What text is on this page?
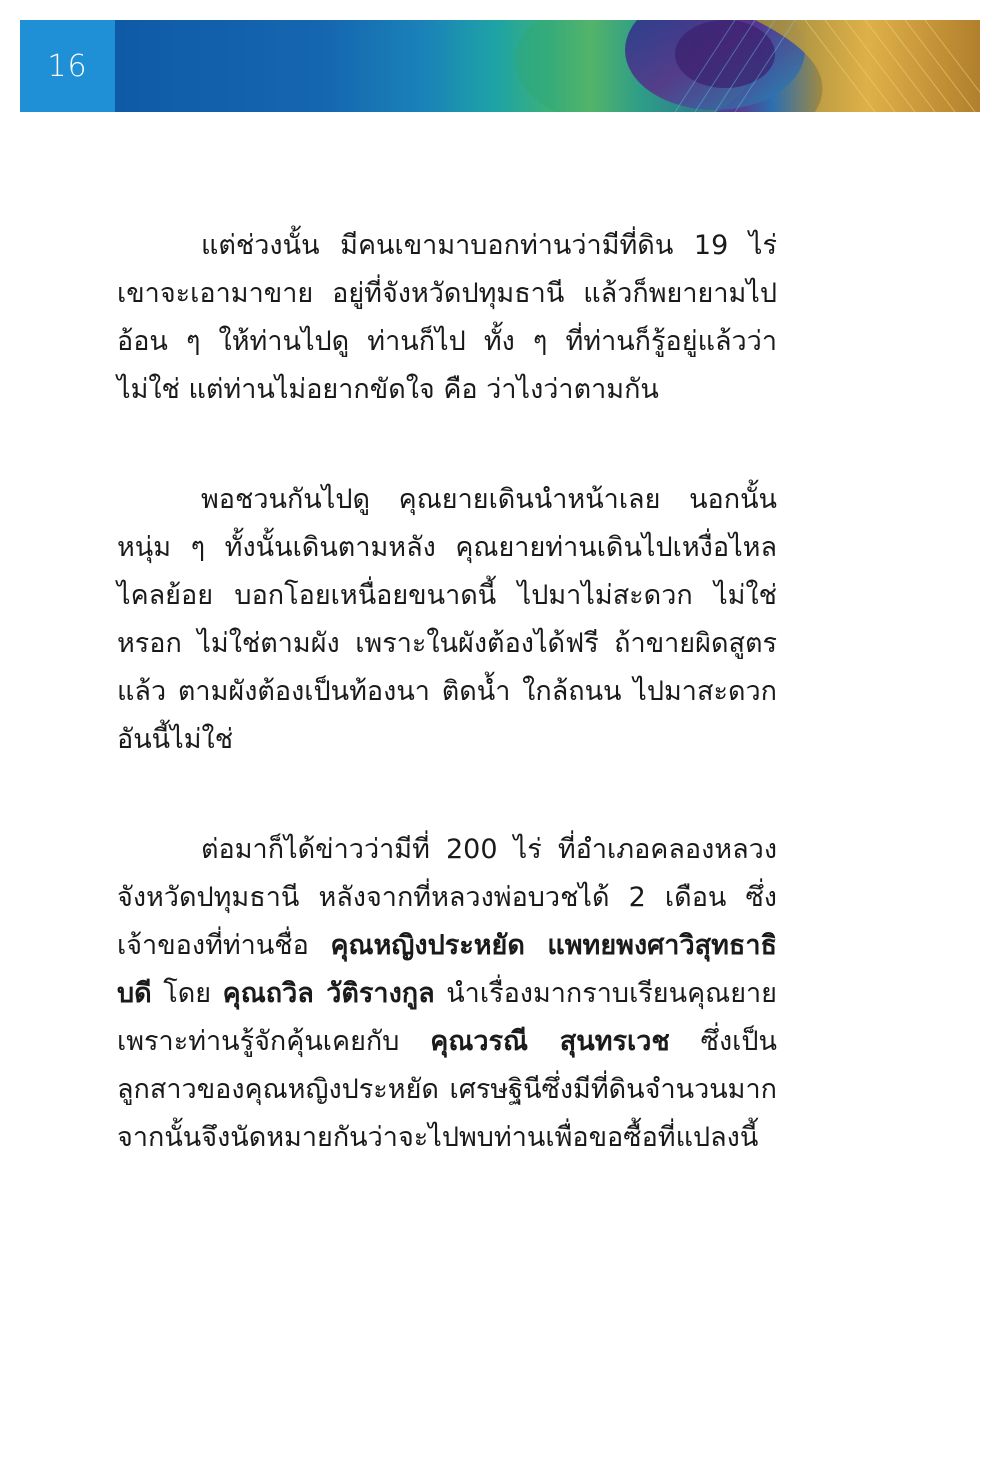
16

แต่ช่วงนั้น มีคนเขามาบอกท่านว่ามีที่ดิน 19 ไร่ เขาจะเอามาขาย อยู่ที่จังหวัดปทุมธานี แล้วก็พยายามไปอ้อน ๆ ให้ท่านไปดู ท่านก็ไป ทั้ง ๆ ที่ท่านก็รู้อยู่แล้วว่า ไม่ใช่ แต่ท่านไม่อยากขัดใจ คือ ว่าไงว่าตามกัน

พอชวนกันไปดู คุณยายเดินนำหน้าเลย นอกนั้นหนุ่ม ๆ ทั้งนั้นเดินตามหลัง คุณยายท่านเดินไปเหงื่อไหลไคลย้อย บอกโอยเหนื่อยขนาดนี้ ไปมาไม่สะดวก ไม่ใช่หรอก ไม่ใช่ตามผัง เพราะในผังต้องได้ฟรี ถ้าขายผิดสูตรแล้ว ตามผังต้องเป็นท้องนา ติดน้ำ ใกล้ถนน ไปมาสะดวก อันนี้ไม่ใช่

ต่อมาก็ได้ข่าวว่ามีที่ 200 ไร่ ที่อำเภอคลองหลวง จังหวัดปทุมธานี หลังจากที่หลวงพ่อบวชได้ 2 เดือน ซึ่งเจ้าของที่ท่านชื่อ คุณหญิงประหยัด แพทยพงศาวิสุทธาธิบดี โดย คุณถวิล วัติรางกูล นำเรื่องมากราบเรียนคุณยาย เพราะท่านรู้จักคุ้นเคยกับ คุณวรณี สุนทรเวช ซึ่งเป็นลูกสาวของคุณหญิงประหยัด เศรษฐินีซึ่งมีที่ดินจำนวนมาก จากนั้นจึงนัดหมายกันว่าจะไปพบท่านเพื่อขอซื้อที่แปลงนี้
